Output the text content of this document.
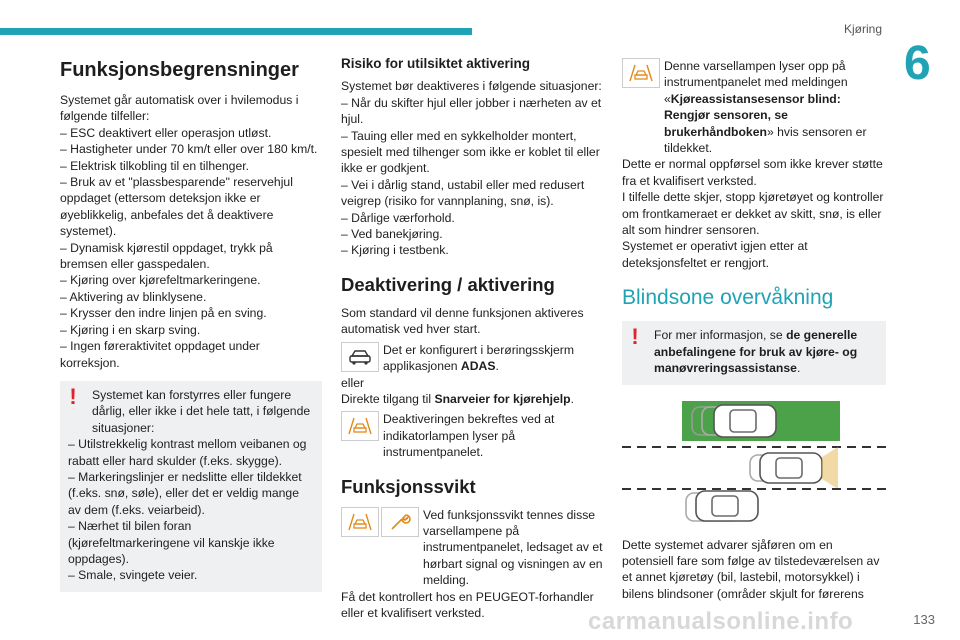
Kjøring
6
Funksjonsbegrensninger

Systemet går automatisk over i hvilemodus i følgende tilfeller:

– ESC deaktivert eller operasjon utløst.
– Hastigheter under 70 km/t eller over 180 km/t.
– Elektrisk tilkobling til en tilhenger.
– Bruk av et "plassbesparende" reservehjul oppdaget (ettersom deteksjon ikke er øyeblikkelig, anbefales det å deaktivere systemet).
– Dynamisk kjørestil oppdaget, trykk på bremsen eller gasspedalen.
– Kjøring over kjørefeltmarkeringene.
– Aktivering av blinklysene.
– Krysser den indre linjen på en sving.
– Kjøring i en skarp sving.
– Ingen føreraktivitet oppdaget under korreksjon.
!	Systemet kan forstyrres eller fungere dårlig, eller ikke i det hele tatt, i følgende situasjoner:

– Utilstrekkelig kontrast mellom veibanen og rabatt eller hard skulder (f.eks. skygge).
– Markeringslinjer er nedslitte eller tildekket (f.eks. snø, søle), eller det er veldig mange av dem (f.eks. veiarbeid).
– Nærhet til bilen foran (kjørefeltmarkeringene vil kanskje ikke oppdages).
– Smale, svingete veier.
Risiko for utilsiktet aktivering

Systemet bør deaktiveres i følgende situasjoner:

– Når du skifter hjul eller jobber i nærheten av et hjul.
– Tauing eller med en sykkelholder montert, spesielt med tilhenger som ikke er koblet til eller ikke er godkjent.
– Vei i dårlig stand, ustabil eller med redusert veigrep (risiko for vannplaning, snø, is).
– Dårlige værforhold.
– Ved banekjøring.
– Kjøring i testbenk.
Deaktivering / aktivering

Som standard vil denne funksjonen aktiveres automatisk ved hver start.

Det er konfigurert i berøringsskjerm applikasjonen ADAS.

eller

Direkte tilgang til Snarveier for kjørehjelp.

Deaktiveringen bekreftes ved at indikatorlampen lyser på instrumentpanelet.
Funksjonssvikt
Ved funksjonssvikt tennes disse varsellampene på instrumentpanelet, ledsaget av et hørbart signal og visningen av en melding.

Få det kontrollert hos en PEUGEOT-forhandler eller et kvalifisert verksted.

Denne varsellampen lyser opp på instrumentpanelet med meldingen «Kjøreassistansesensor blind: Rengjør sensoren, se brukerhåndboken» hvis sensoren er tildekket.

Dette er normal oppførsel som ikke krever støtte fra et kvalifisert verksted.

I tilfelle dette skjer, stopp kjøretøyet og kontroller om frontkameraet er dekket av skitt, snø, is eller alt som hindrer sensoren.

Systemet er operativt igjen etter at deteksjonsfeltet er rengjort.

Blindsone overvåkning
!	For mer informasjon, se de generelle anbefalingene for bruk av kjøre- og manøvreringsassistanse.

Dette systemet advarer sjåføren om en potensiell fare som følge av tilstedeværelsen av et annet kjøretøy (bil, lastebil, motorsykkel) i bilens blindsoner (områder skjult for førerens

carmanualsonline.info	133
